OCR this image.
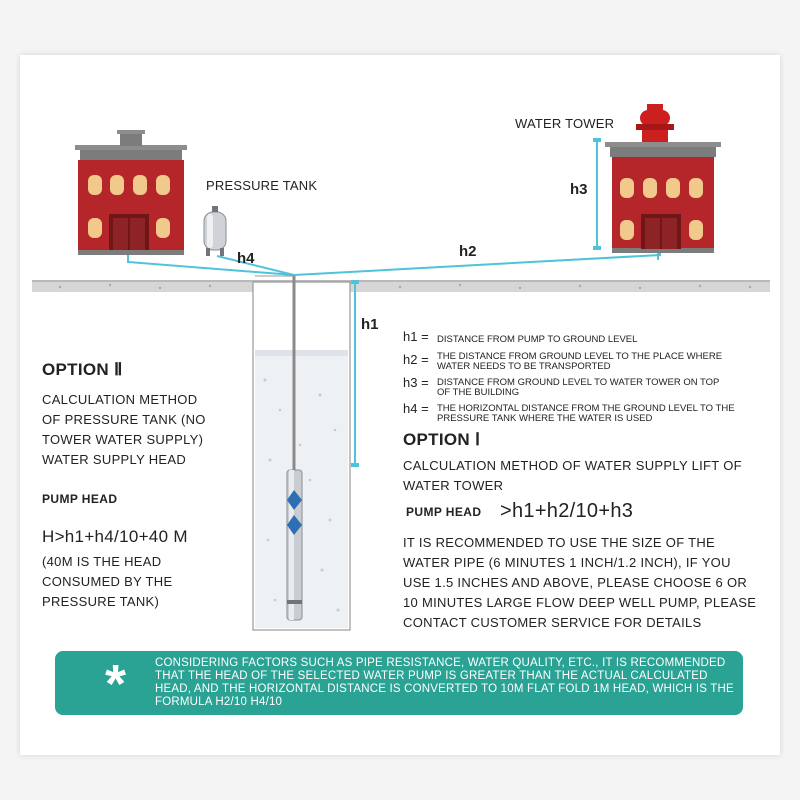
WATER TOWER
PRESSURE TANK
h4	h2
h3
h1
h1 = DISTANCE FROM PUMP TO GROUND LEVEL
h2 = THE DISTANCE FROM GROUND LEVEL TO THE PLACE WHERE WATER NEEDS TO BE TRANSPORTED
h3 = DISTANCE FROM GROUND LEVEL TO WATER TOWER ON TOP OF THE BUILDING
h4 = THE HORIZONTAL DISTANCE FROM THE GROUND LEVEL TO THE PRESSURE TANK WHERE THE WATER IS USED
OPTION Ⅱ
CALCULATION METHOD
OF PRESSURE TANK (NO
TOWER WATER SUPPLY)
WATER SUPPLY HEAD
PUMP HEAD
H>h1+h4/10+40 M
(40M IS THE HEAD
CONSUMED BY THE
PRESSURE TANK)
OPTION Ⅰ
CALCULATION METHOD OF WATER SUPPLY LIFT OF
WATER TOWER
PUMP HEAD >h1+h2/10+h3
IT IS RECOMMENDED TO USE THE SIZE OF THE
WATER PIPE (6 MINUTES 1 INCH/1.2 INCH), IF YOU
USE 1.5 INCHES AND ABOVE, PLEASE CHOOSE 6 OR
10 MINUTES LARGE FLOW DEEP WELL PUMP, PLEASE
CONTACT CUSTOMER SERVICE FOR DETAILS
*	CONSIDERING FACTORS SUCH AS PIPE RESISTANCE, WATER QUALITY, ETC., IT IS RECOMMENDED THAT THE HEAD OF THE SELECTED WATER PUMP IS GREATER THAN THE ACTUAL CALCULATED HEAD, AND THE HORIZONTAL DISTANCE IS CONVERTED TO 10M FLAT FOLD 1M HEAD, WHICH IS THE FORMULA H2/10 H4/10
